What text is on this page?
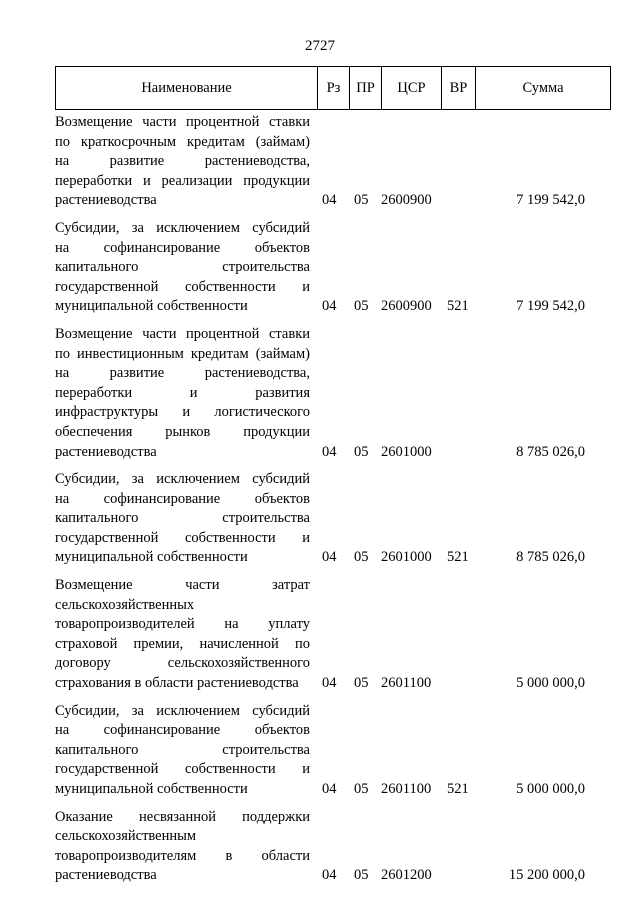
2727
Наименование	Рз	ПР	ЦСР	ВР	Сумма
Возмещение части процентной ставки
по краткосрочным кредитам (займам)
на развитие растениеводства,
переработки и реализации продукции
растениеводства	04 05 2600900	7 199 542,0
Субсидии, за исключением субсидий
на софинансирование объектов
капитального строительства
государственной собственности и
муниципальной собственности	04 05 2600900 521	7 199 542,0
Возмещение части процентной ставки
по инвестиционным кредитам (займам)
на развитие растениеводства,
переработки и развития
инфраструктуры и логистического
обеспечения рынков продукции
растениеводства	04 05 2601000	8 785 026,0
Субсидии, за исключением субсидий
на софинансирование объектов
капитального строительства
государственной собственности и
муниципальной собственности	04 05 2601000 521	8 785 026,0
Возмещение части затрат
сельскохозяйственных
товаропроизводителей на уплату
страховой премии, начисленной по
договору сельскохозяйственного
страхования в области растениеводства	04 05 2601100	5 000 000,0
Субсидии, за исключением субсидий
на софинансирование объектов
капитального строительства
государственной собственности и
муниципальной собственности	04 05 2601100 521	5 000 000,0
Оказание несвязанной поддержки
сельскохозяйственным
товаропроизводителям в области
растениеводства	04 05 2601200	15 200 000,0
